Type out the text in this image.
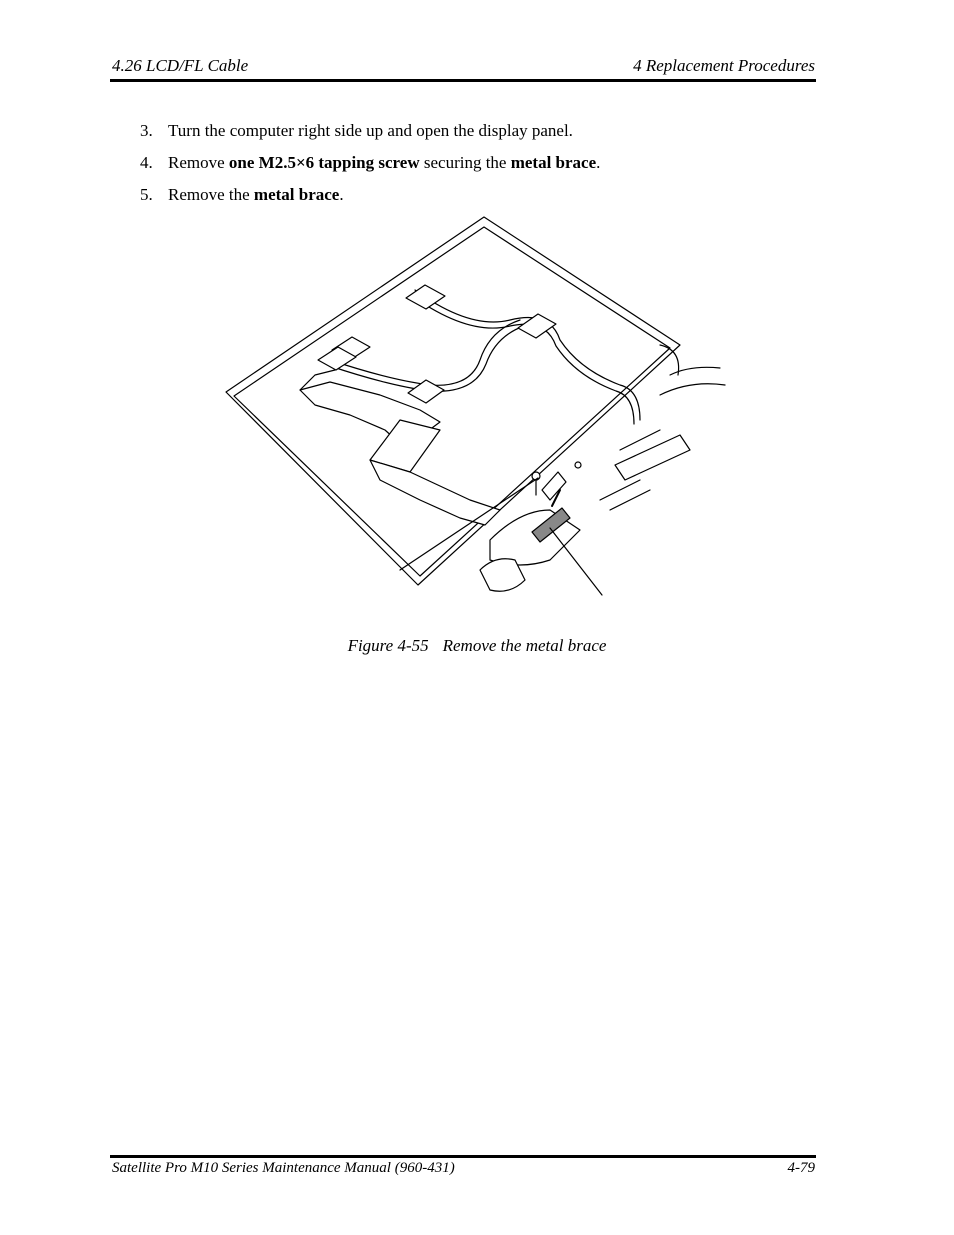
4.26 LCD/FL Cable	4 Replacement Procedures
3. Turn the computer right side up and open the display panel.
4. Remove one M2.5×6 tapping screw securing the metal brace.
5. Remove the metal brace.
Figure 4-55 Remove the metal brace
Satellite Pro M10 Series Maintenance Manual (960-431)	4-79
